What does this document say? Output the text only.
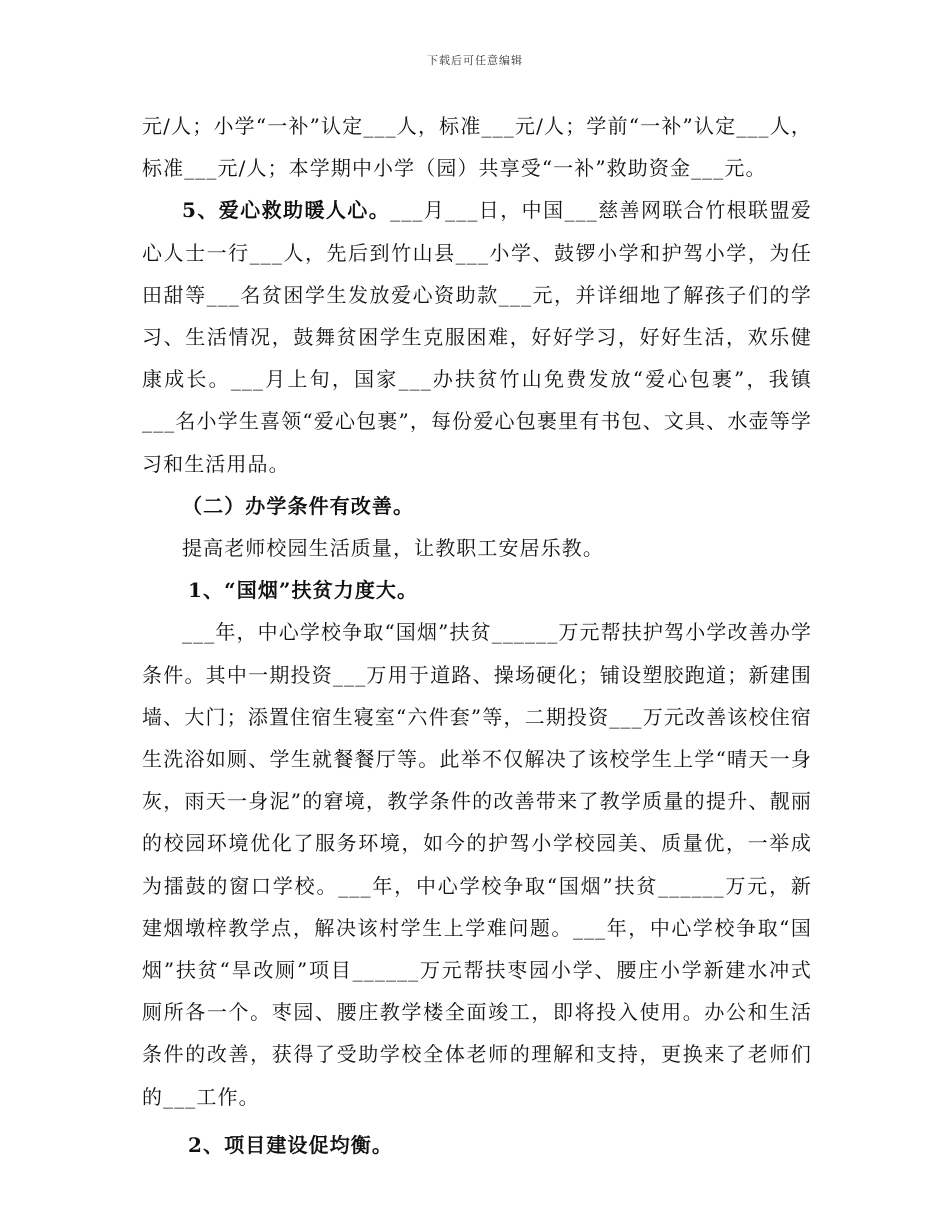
下载后可任意编辑

元/人；小学“一补”认定___人，标准___元/人；学前“一补”认定___人，标准___元/人；本学期中小学（园）共享受“一补”救助资金___元。

5、爱心救助暖人心。___月___日，中国___慈善网联合竹根联盟爱心人士一行___人，先后到竹山县___小学、鼓锣小学和护驾小学，为任田甜等___名贫困学生发放爱心资助款___元，并详细地了解孩子们的学习、生活情况，鼓舞贫困学生克服困难，好好学习，好好生活，欢乐健康成长。___月上旬，国家___办扶贫竹山免费发放“爱心包裹”，我镇___名小学生喜领“爱心包裹”，每份爱心包裹里有书包、文具、水壶等学习和生活用品。

（二）办学条件有改善。

提高老师校园生活质量，让教职工安居乐教。

1、“国烟”扶贫力度大。

___年，中心学校争取“国烟”扶贫______万元帮扶护驾小学改善办学条件。其中一期投资___万用于道路、操场硬化；铺设塑胶跑道；新建围墙、大门；添置住宿生寝室“六件套”等，二期投资___万元改善该校住宿生洗浴如厕、学生就餐餐厅等。此举不仅解决了该校学生上学“晴天一身灰，雨天一身泥”的窘境，教学条件的改善带来了教学质量的提升、靓丽的校园环境优化了服务环境，如今的护驾小学校园美、质量优，一举成为擂鼓的窗口学校。___年，中心学校争取“国烟”扶贫______万元，新建烟墩梓教学点，解决该村学生上学难问题。___年，中心学校争取“国烟”扶贫“旱改厕”项目______万元帮扶枣园小学、腰庄小学新建水冲式厕所各一个。枣园、腰庄教学楼全面竣工，即将投入使用。办公和生活条件的改善，获得了受助学校全体老师的理解和支持，更换来了老师们的___工作。

2、项目建设促均衡。
